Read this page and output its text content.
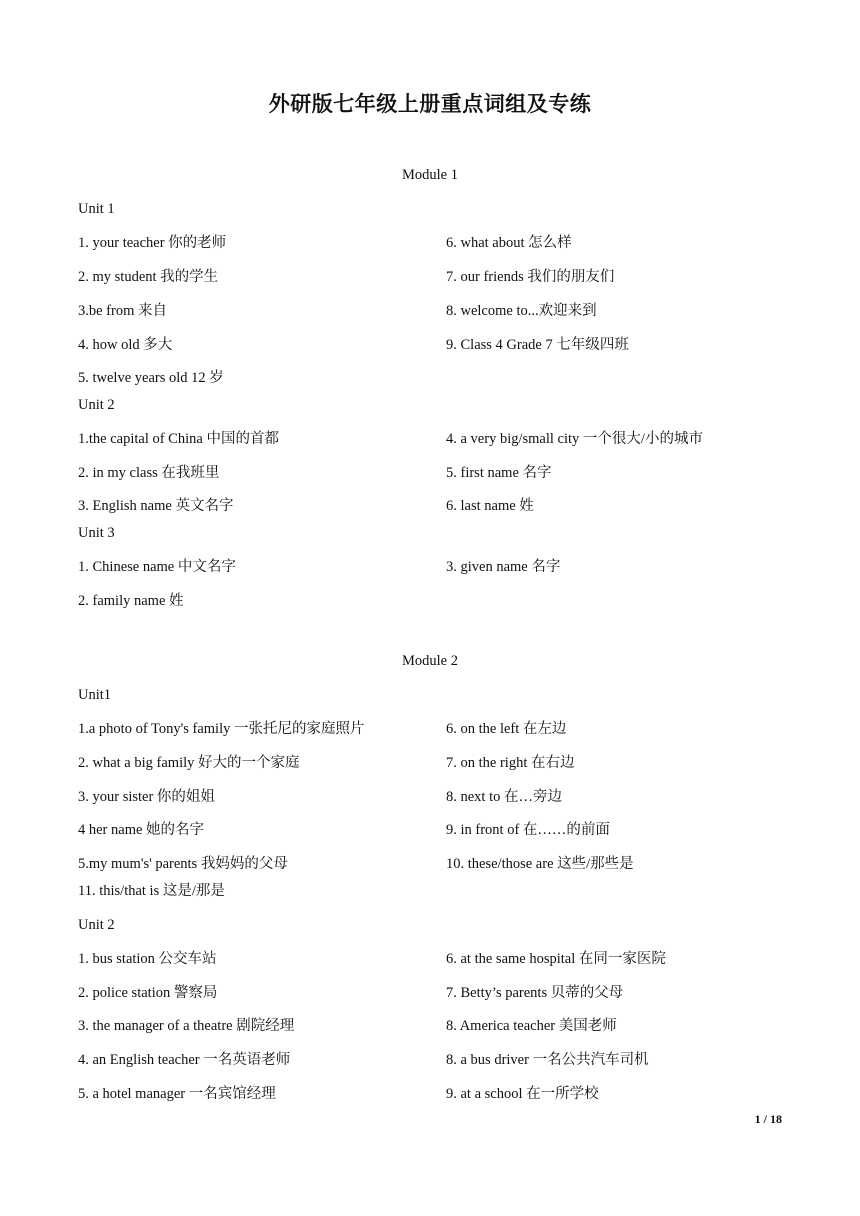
外研版七年级上册重点词组及专练
Module 1
Unit 1
1. your teacher 你的老师
2. my student 我的学生
3.be from 来自
4. how old 多大
5. twelve years old 12 岁
6. what about 怎么样
7. our friends 我们的朋友们
8. welcome to...欢迎来到
9. Class 4 Grade 7 七年级四班
Unit 2
1.the capital of China 中国的首都
2. in my class 在我班里
3. English name 英文名字
4. a very big/small city 一个很大/小的城市
5. first name 名字
6. last name 姓
Unit 3
1. Chinese name 中文名字
2. family name 姓
3. given name 名字
Module 2
Unit1
1.a photo of Tony's family 一张托尼的家庭照片
2. what a big family 好大的一个家庭
3. your sister 你的姐姐
4 her name 她的名字
5.my mum's' parents 我妈妈的父母
11. this/that is 这是/那是
6. on the left 在左边
7. on the right 在右边
8. next to 在…旁边
9. in front of 在……的前面
10. these/those are 这些/那些是
Unit 2
1. bus station 公交车站
2. police station 警察局
3. the manager of a theatre 剧院经理
4. an English teacher 一名英语老师
5. a hotel manager 一名宾馆经理
6. at the same hospital 在同一家医院
7. Betty’s parents 贝蒂的父母
8. America teacher 美国老师
8. a bus driver 一名公共汽车司机
9. at a school 在一所学校
1 / 18
